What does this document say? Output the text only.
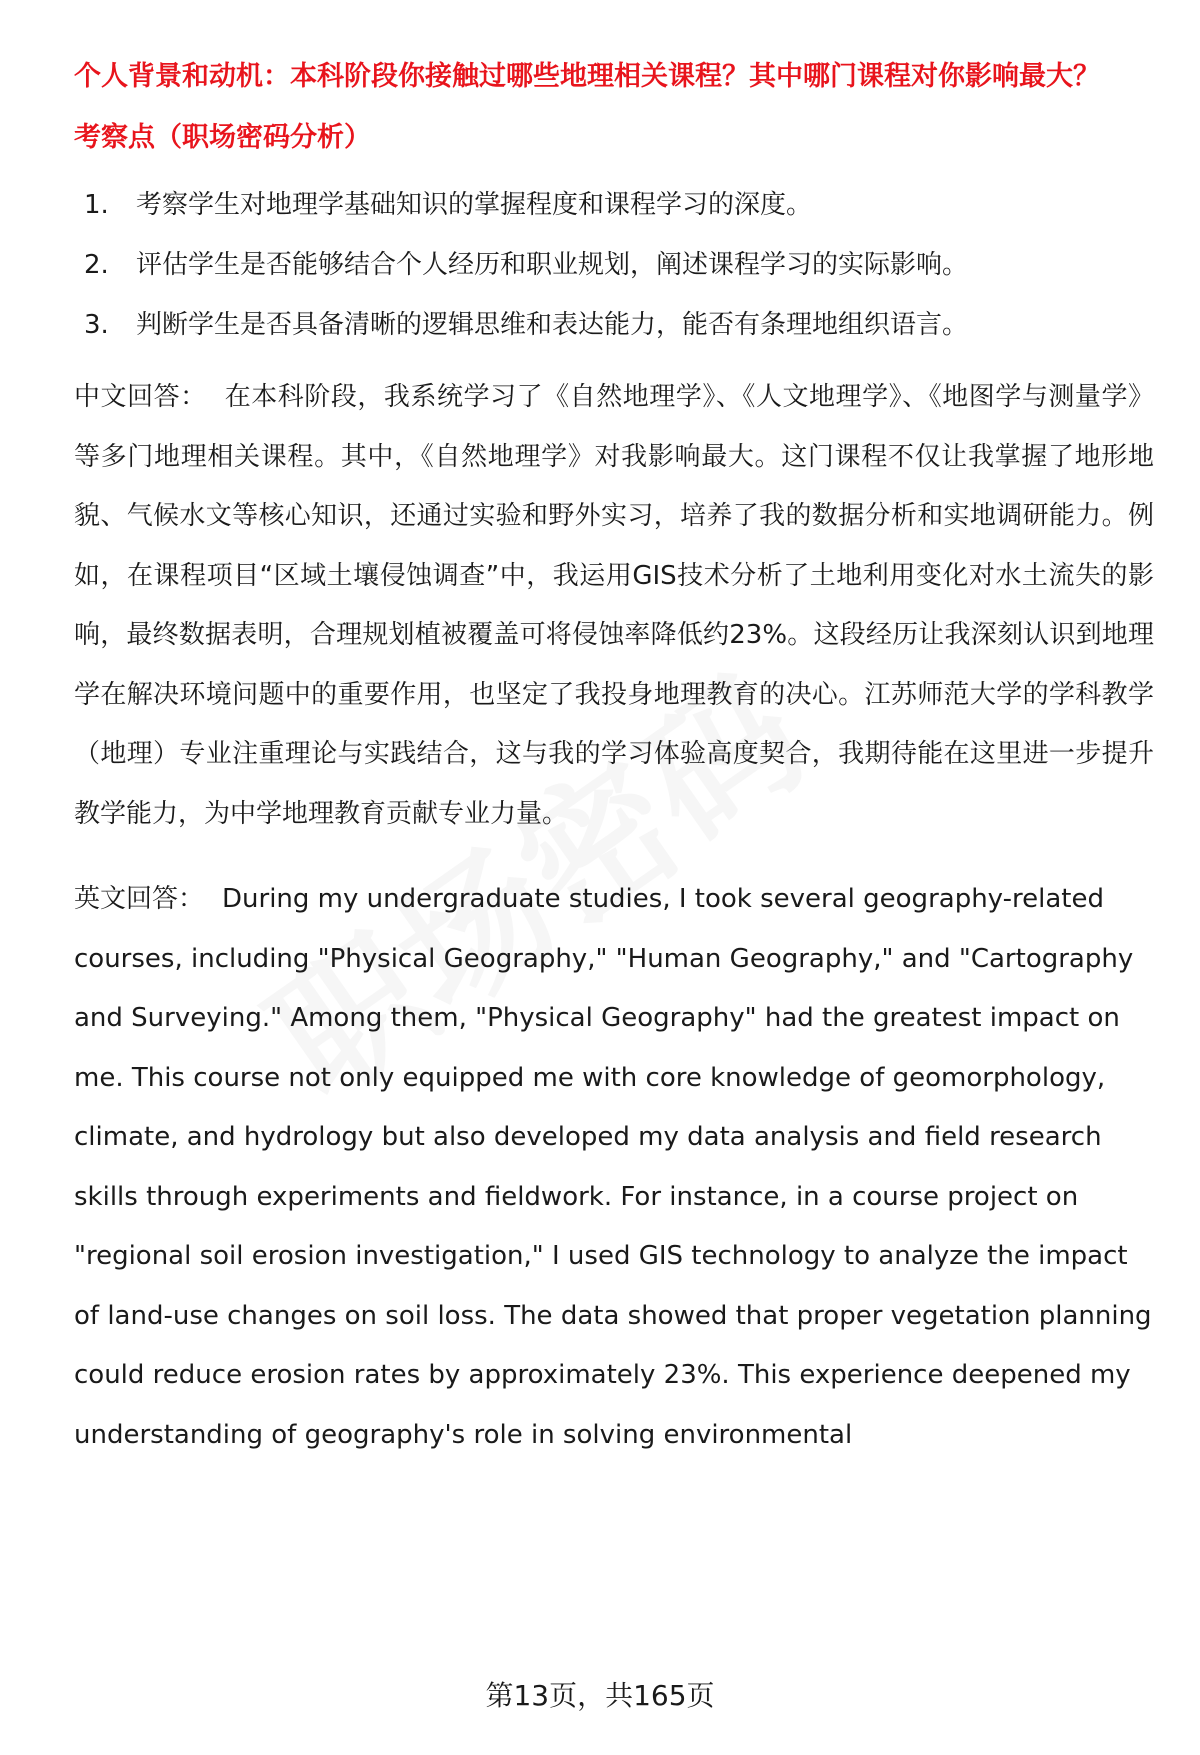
个人背景和动机：本科阶段你接触过哪些地理相关课程？其中哪门课程对你影响最大？

考察点（职场密码分析）

1.	考察学生对地理学基础知识的掌握程度和课程学习的深度。
2.	评估学生是否能够结合个人经历和职业规划，阐述课程学习的实际影响。
3.	判断学生是否具备清晰的逻辑思维和表达能力，能否有条理地组织语言。

中文回答： 在本科阶段，我系统学习了《自然地理学》、《人文地理学》、《地图学与测量学》等多门地理相关课程。其中，《自然地理学》对我影响最大。这门课程不仅让我掌握了地形地貌、气候水文等核心知识，还通过实验和野外实习，培养了我的数据分析和实地调研能力。例如，在课程项目“区域土壤侵蚀调查”中，我运用GIS技术分析了土地利用变化对水土流失的影响，最终数据表明，合理规划植被覆盖可将侵蚀率降低约23%。这段经历让我深刻认识到地理学在解决环境问题中的重要作用，也坚定了我投身地理教育的决心。江苏师范大学的学科教学（地理）专业注重理论与实践结合，这与我的学习体验高度契合，我期待能在这里进一步提升教学能力，为中学地理教育贡献专业力量。

英文回答： During my undergraduate studies, I took several geography-related courses, including "Physical Geography," "Human Geography," and "Cartography and Surveying." Among them, "Physical Geography" had the greatest impact on me. This course not only equipped me with core knowledge of geomorphology, climate, and hydrology but also developed my data analysis and field research skills through experiments and fieldwork. For instance, in a course project on "regional soil erosion investigation," I used GIS technology to analyze the impact of land-use changes on soil loss. The data showed that proper vegetation planning could reduce erosion rates by approximately 23%. This experience deepened my understanding of geography's role in solving environmental

第13页，共165页
